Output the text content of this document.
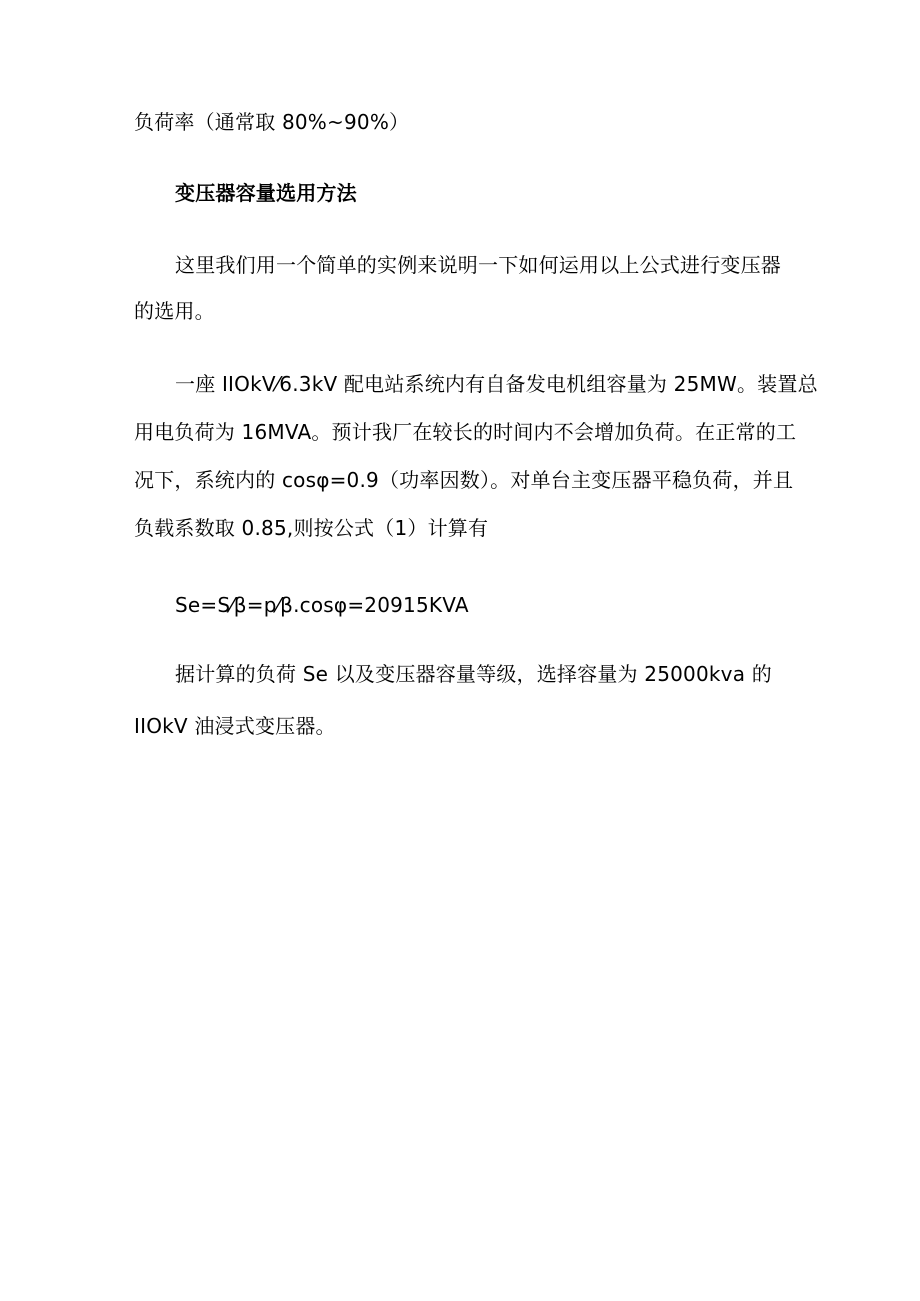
负荷率（通常取 80%~90%）
变压器容量选用方法
这里我们用一个简单的实例来说明一下如何运用以上公式进行变压器
的选用。
一座 IIOkV⁄6.3kV 配电站系统内有自备发电机组容量为 25MW。装置总
用电负荷为 16MVA。预计我厂在较长的时间内不会增加负荷。在正常的工
况下，系统内的 cosφ=0.9（功率因数）。对单台主变压器平稳负荷，并且
负载系数取 0.85,则按公式（1）计算有
Se=S⁄β=p⁄β.cosφ=20915KVA
据计算的负荷 Se 以及变压器容量等级，选择容量为 25000kva 的
IIOkV 油浸式变压器。
